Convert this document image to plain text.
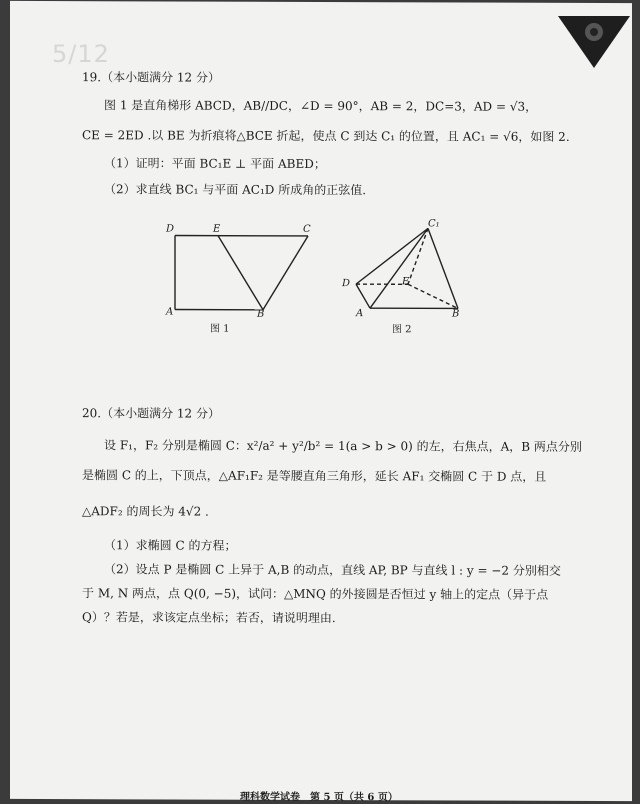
19.（本小题满分 12 分）
图 1 是直角梯形 ABCD，AB//DC，∠D = 90°，AB = 2，DC=3，AD = √3，
CE = 2ED .以 BE 为折痕将△BCE 折起，使点 C 到达 C₁ 的位置，且 AC₁ = √6，如图 2.
（1）证明：平面 BC₁E ⊥ 平面 ABED；
（2）求直线 BC₁ 与平面 AC₁D 所成角的正弦值.
D	E	C
A	B
图 1
C₁
D	E
A	B
图 2
20.（本小题满分 12 分）
设 F₁，F₂ 分别是椭圆 C：x²/a² + y²/b² = 1(a > b > 0) 的左，右焦点，A，B 两点分别
是椭圆 C 的上，下顶点，△AF₁F₂ 是等腰直角三角形，延长 AF₁ 交椭圆 C 于 D 点，且
△ADF₂ 的周长为 4√2 .
（1）求椭圆 C 的方程；
（2）设点 P 是椭圆 C 上异于 A,B 的动点，直线 AP, BP 与直线 l : y = −2 分别相交
于 M, N 两点，点 Q(0, −5)，试问：△MNQ 的外接圆是否恒过 y 轴上的定点（异于点
Q）？若是，求该定点坐标；若否，请说明理由.
理科数学试卷　第 5 页（共 6 页）
5/12
